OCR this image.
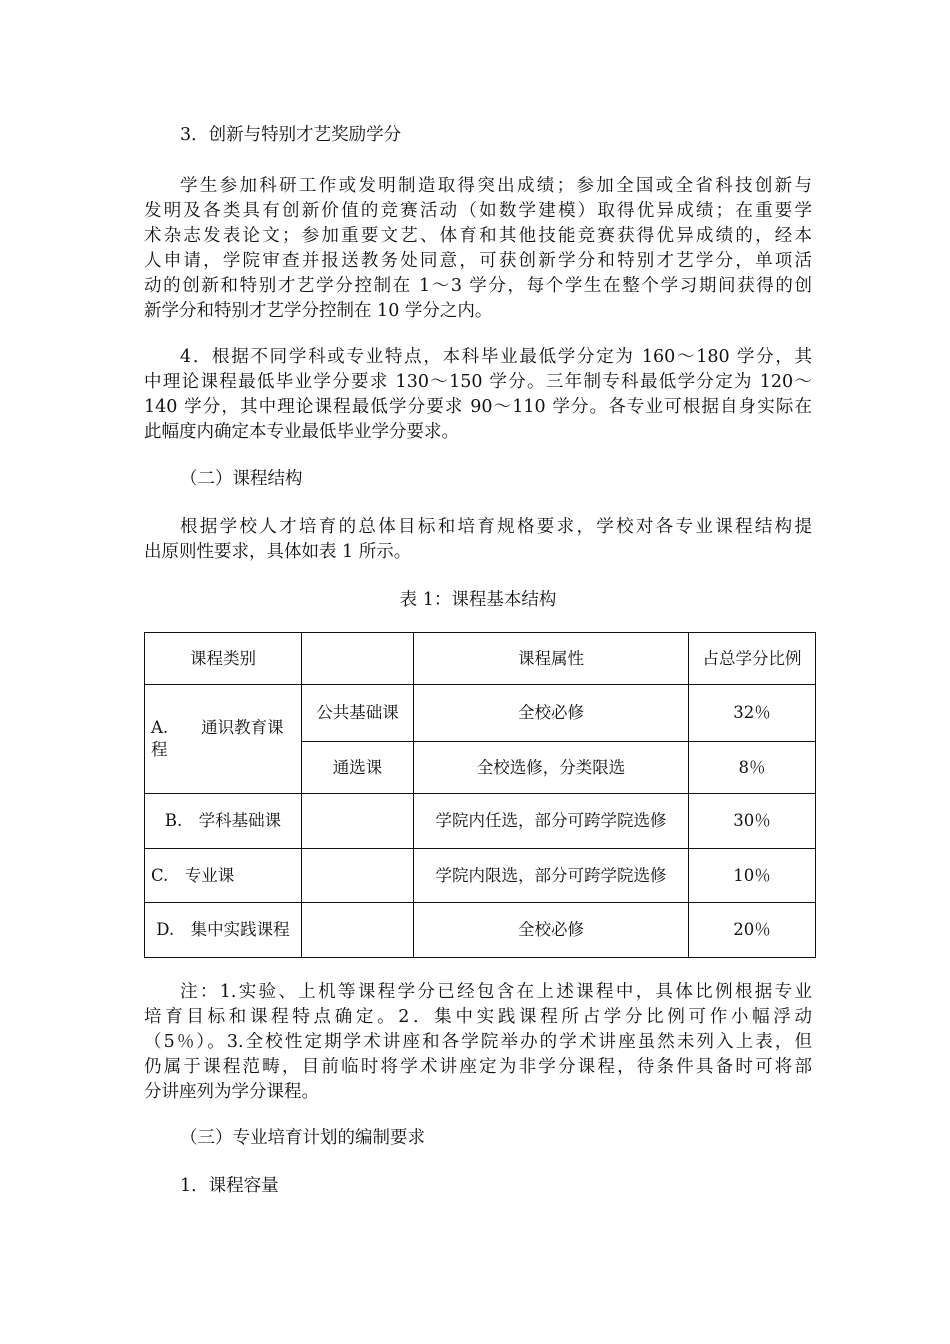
3．创新与特别才艺奖励学分
学生参加科研工作或发明制造取得突出成绩；参加全国或全省科技创新与
发明及各类具有创新价值的竞赛活动（如数学建模）取得优异成绩；在重要学
术杂志发表论文；参加重要文艺、体育和其他技能竞赛获得优异成绩的，经本
人申请，学院审查并报送教务处同意，可获创新学分和特别才艺学分，单项活
动的创新和特别才艺学分控制在 1～3 学分，每个学生在整个学习期间获得的创
新学分和特别才艺学分控制在 10 学分之内。
4．根据不同学科或专业特点，本科毕业最低学分定为 160～180 学分，其
中理论课程最低毕业学分要求 130～150 学分。三年制专科最低学分定为 120～
140 学分，其中理论课程最低学分要求 90～110 学分。各专业可根据自身实际在
此幅度内确定本专业最低毕业学分要求。
（二）课程结构
根据学校人才培育的总体目标和培育规格要求，学校对各专业课程结构提
出原则性要求，具体如表 1 所示。
表 1：课程基本结构
课程类别		课程属性	占总学分比例
A.　　通识教育课程	公共基础课	全校必修	32％
	通选课	全校选修，分类限选	8％
B.　学科基础课		学院内任选，部分可跨学院选修	30％
C.　专业课		学院内限选，部分可跨学院选修	10％
D.　集中实践课程		全校必修	20％
注：1.实验、上机等课程学分已经包含在上述课程中，具体比例根据专业
培育目标和课程特点确定。2．集中实践课程所占学分比例可作小幅浮动
（5％）。3.全校性定期学术讲座和各学院举办的学术讲座虽然未列入上表，但
仍属于课程范畴，目前临时将学术讲座定为非学分课程，待条件具备时可将部
分讲座列为学分课程。
（三）专业培育计划的编制要求
1．课程容量
